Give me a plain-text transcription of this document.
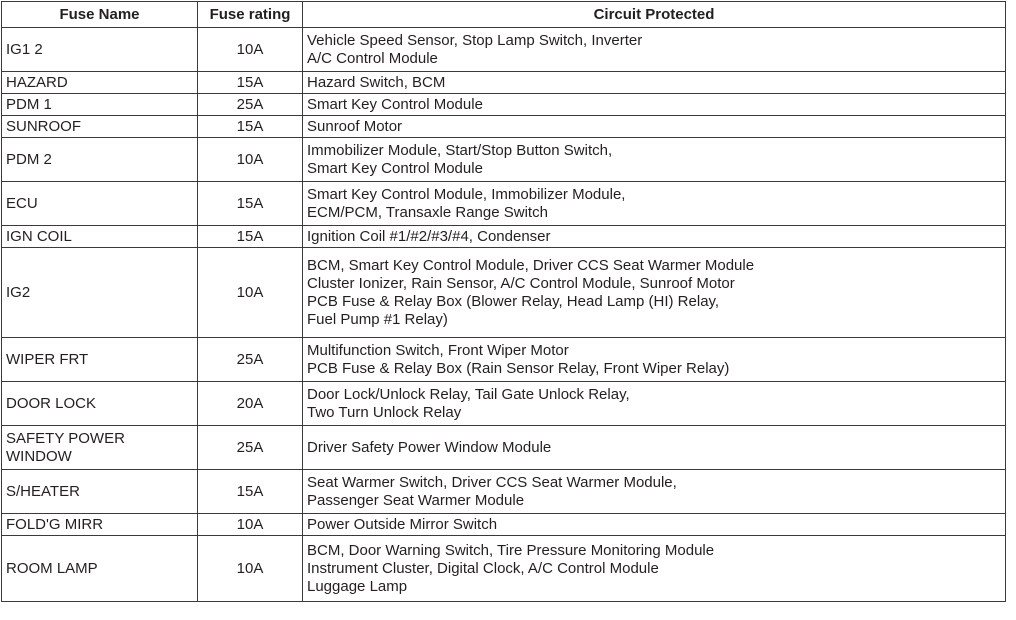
Fuse Name	Fuse rating	Circuit Protected

IG1 2	10A	Vehicle Speed Sensor, Stop Lamp Switch, Inverter
A/C Control Module

HAZARD	15A	Hazard Switch, BCM

PDM 1	25A	Smart Key Control Module

SUNROOF	15A	Sunroof Motor

PDM 2	10A	Immobilizer Module, Start/Stop Button Switch,
Smart Key Control Module

ECU	15A	Smart Key Control Module, Immobilizer Module,
ECM/PCM, Transaxle Range Switch

IGN COIL	15A	Ignition Coil #1/#2/#3/#4, Condenser

IG2	10A	BCM, Smart Key Control Module, Driver CCS Seat Warmer Module
Cluster Ionizer, Rain Sensor, A/C Control Module, Sunroof Motor
PCB Fuse & Relay Box (Blower Relay, Head Lamp (HI) Relay,
Fuel Pump #1 Relay)

WIPER FRT	25A	Multifunction Switch, Front Wiper Motor
PCB Fuse & Relay Box (Rain Sensor Relay, Front Wiper Relay)

DOOR LOCK	20A	Door Lock/Unlock Relay, Tail Gate Unlock Relay,
Two Turn Unlock Relay

SAFETY POWER
WINDOW	25A	Driver Safety Power Window Module

S/HEATER	15A	Seat Warmer Switch, Driver CCS Seat Warmer Module,
Passenger Seat Warmer Module

FOLD'G MIRR	10A	Power Outside Mirror Switch

ROOM LAMP	10A	BCM, Door Warning Switch, Tire Pressure Monitoring Module
Instrument Cluster, Digital Clock, A/C Control Module
Luggage Lamp
